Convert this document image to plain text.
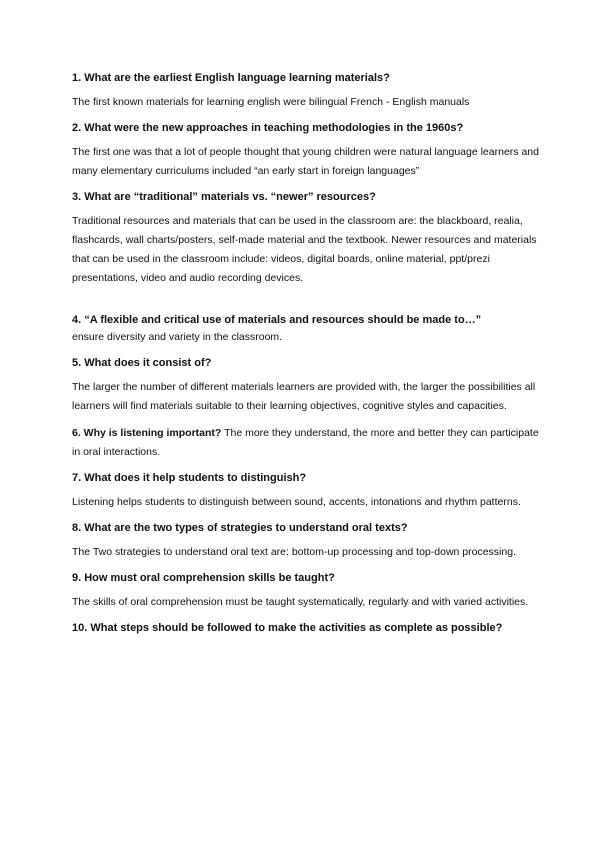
1. What are the earliest English language learning materials?

The first known materials for learning english were bilingual French - English manuals

2. What were the new approaches in teaching methodologies in the 1960s?

The first one was that a lot of people thought that young children were natural language learners and many elementary curriculums included “an early start in foreign languages”

3. What are “traditional” materials vs. “newer” resources?

Traditional resources and materials that can be used in the classroom are: the blackboard, realia, flashcards, wall charts/posters, self-made material and the textbook. Newer resources and materials that can be used in the classroom include: videos, digital boards, online material, ppt/prezi presentations, video and audio recording devices.

4. “A flexible and critical use of materials and resources should be made to…”

ensure diversity and variety in the classroom.

5. What does it consist of?

The larger the number of different materials learners are provided with, the larger the possibilities all learners will find materials suitable to their learning objectives, cognitive styles and capacities.

6. Why is listening important? The more they understand, the more and better they can participate in oral interactions.

7. What does it help students to distinguish?

Listening helps students to distinguish between sound, accents, intonations and rhythm patterns.

8. What are the two types of strategies to understand oral texts?

The Two strategies to understand oral text are: bottom-up processing and top-down processing.

9. How must oral comprehension skills be taught?

The skills of oral comprehension must be taught systematically, regularly and with varied activities.

10. What steps should be followed to make the activities as complete as possible?
